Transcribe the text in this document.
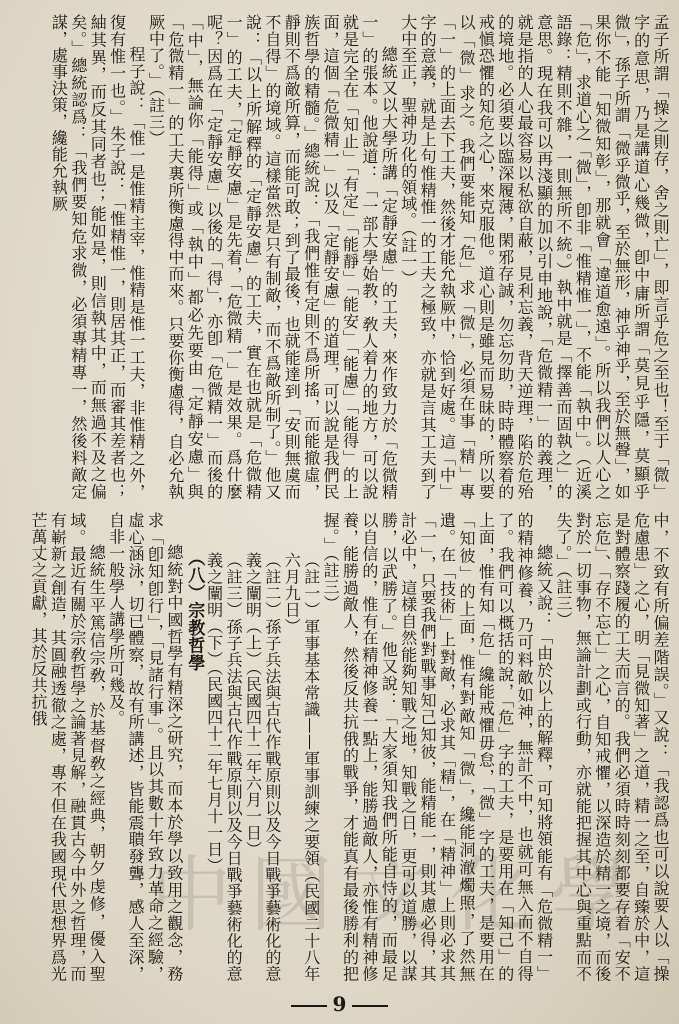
中國文化學

孟子所謂「操之則存，舍之則亡」，即言乎危之至也！至于「微」字的意思，乃是講道心幾微，卽中庸所謂「莫見乎隱，莫顯乎微」，孫子所謂「微乎微乎，至於無形，神乎神乎，至於無聲」，如果你不能「知微知彰」，那就會「違道愈遠」。所以我們以人心之「危」，求道心之「微」，卽非「惟精惟一」，不能「執中」。（近溪語錄：精則不雜，一則無所不統。）執中就是「擇善而固執之」的意思。現在我可以再淺顯的加以引申地說，「危微精一」的義理，就是指的人心最容易以私欲自蔽，見利忘義，背天逆理，陷於危殆的境地。必須要以臨深履薄，閑邪存誠，勿忘勿助，時時體察着的戒愼恐懼的知危之心，來克服他。道心則是雖見而易昧的，所以要以「微」求之。我們要能知「危」求「微」，必須在事「精」專「一」的上面去下工夫，然後才能允執厥中，恰到好處。這「中」字的意義，就是上句惟精惟一的工夫之極致，亦就是言其工夫到了大中至正，聖神功化的領域。（註一）

總統又以大學所講「定靜安慮」的工夫，來作致力於「危微精一」的張本。他說道：「一部大學始教，敎人着力的地方，可以說就是完全在「知止」「有定」「能靜」「能安」「能慮」「能得」的上面，這個「危微精一」以及「定靜安慮」的道理，可以說是我們民族哲學的精髓。」總統說：「我們惟有定則不爲所搖，而能撤虛，靜則不爲敵所算，而能可敢；到了最後，也就能達到「安則無虞而不自得」的境域。這樣當然是只有制敵，而不爲敵所制了。」他又說：「以上所解釋的「定靜安慮」的工夫，實在也就是「危微精一」的工夫，「定靜安慮」是先着，「危微精一」是效果。爲什麼呢？因爲在「定靜安慮」以後的「得」，亦卽「危微精一」而後的「中」，無論你「能得」或「執中」都必先要由「定靜安慮」與「危微精一」的工夫裏所衡慮得中而來。只要你衡慮得，自必允執厥中了。」（註三）

程子說：「惟一是惟精主宰，惟精是惟一工夫，非惟精之外，復有惟一也。」朱子說：「惟精惟一，則居其正，而審其差者也；紬其異，而反其同者也；能如是，則信執其中，而無過不及之偏矣。」總統認爲：「我們要知危求微，必須專精專一，然後料敵定謀，處事決策，纔能允執厥

中，不致有所偏差階誤。」又說：「我認爲也可以說要人以「操危慮患」之心，明「見微知著」之道，精一之至，自臻於中，這是對體察踐履的工夫而言的。我們必須時時刻刻都要存着「安不忘危」、「存不忘亡」之心，自知戒懼，以深造於精一之境，而後對於一切事物，無論計劃或行動，亦就能把握其中心與重點而不失了。」（註三）

總統又說：「由於以上的解釋，可知將領能有「危微精一」的精神修養，乃可料敵如神，無計不中，也就可無入而不自得了。我們可以概括的說，「危」字的工夫，是要用在「知己」的上面，惟有知「危」纔能戒懼毋怠，「微」字的工夫，是要用在「知彼」的上面，惟有對敵知「微」，纔能洞澈燭照，了然無遺。在「技術」上對敵，必求其「精」，在「精神」上則必求其「一」，只要我們對戰事知己知彼，能精能一，則其慮必得，其計必中，這樣自然能夠知戰之地，知戰之日，更可以道勝，以謀勝，以武勝了。」他又說：「大家須知我們所能自恃的，而最足以自信的，惟有在精神修養一點上，能勝過敵人，亦惟有精神修養，能勝過敵人，然後反共抗俄的戰爭，才能真有最後勝利的把握。」（註三）

（註一）軍事基本常識——軍事訓練之要領（民國二十八年六月九日）

（註二）孫子兵法與古代作戰原則以及今日戰爭藝術化的意義之闡明（上）（民國四十二年六月一日）

（註三）孫子兵法與古代作戰原則以及今日戰爭藝術化的意義之闡明（下）（民國四十二年七月十一日）

（八）宗教哲學

總統對中國哲學有精深之研究，而本於學以致用之觀念，務求「卽知卽行」，「見諸行事」。且以其數十年致力革命之經驗，虛心涵泳，切已體察，故有所講述，皆能震聵發聾，感人至深，自非一般學人講學所可幾及。

總統生平篤信宗敎，於基督敎之經典，朝夕虔修，優入聖域。最近有關於宗敎哲學之論著見解，融貫古今中外之哲理，而有嶄新之創造，其圓融透徹之處，專不但在我國現代思想界爲光芒萬丈之貢獻，其於反共抗俄

9
